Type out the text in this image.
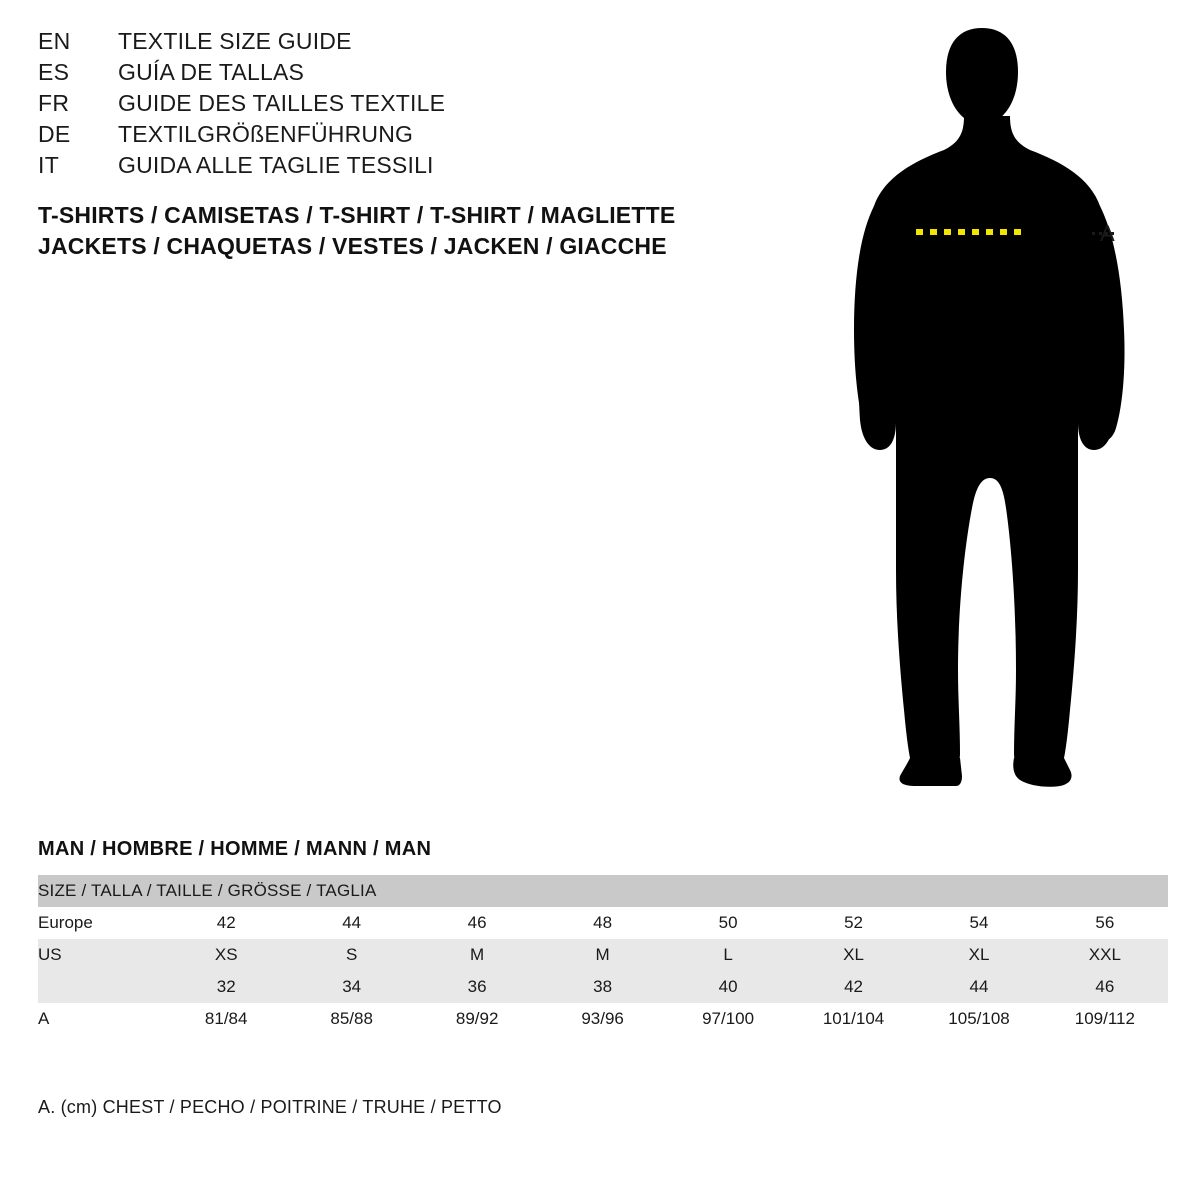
EN	TEXTILE SIZE GUIDE
ES	GUÍA DE TALLAS
FR	GUIDE DES TAILLES TEXTILE
DE	TEXTILGRÖßENFÜHRUNG
IT	GUIDA ALLE TAGLIE TESSILI
T-SHIRTS / CAMISETAS / T-SHIRT / T-SHIRT / MAGLIETTE
JACKETS / CHAQUETAS / VESTES / JACKEN / GIACCHE	A
MAN / HOMBRE / HOMME / MANN / MAN
SIZE / TALLA / TAILLE / GRÖSSE / TAGLIA								
Europe	42	44	46	48	50	52	54	56
US	XS	S	M	M	L	XL	XL	XXL
	32	34	36	38	40	42	44	46
A	81/84	85/88	89/92	93/96	97/100	101/104	105/108	109/112
A. (cm) CHEST / PECHO / POITRINE / TRUHE / PETTO
